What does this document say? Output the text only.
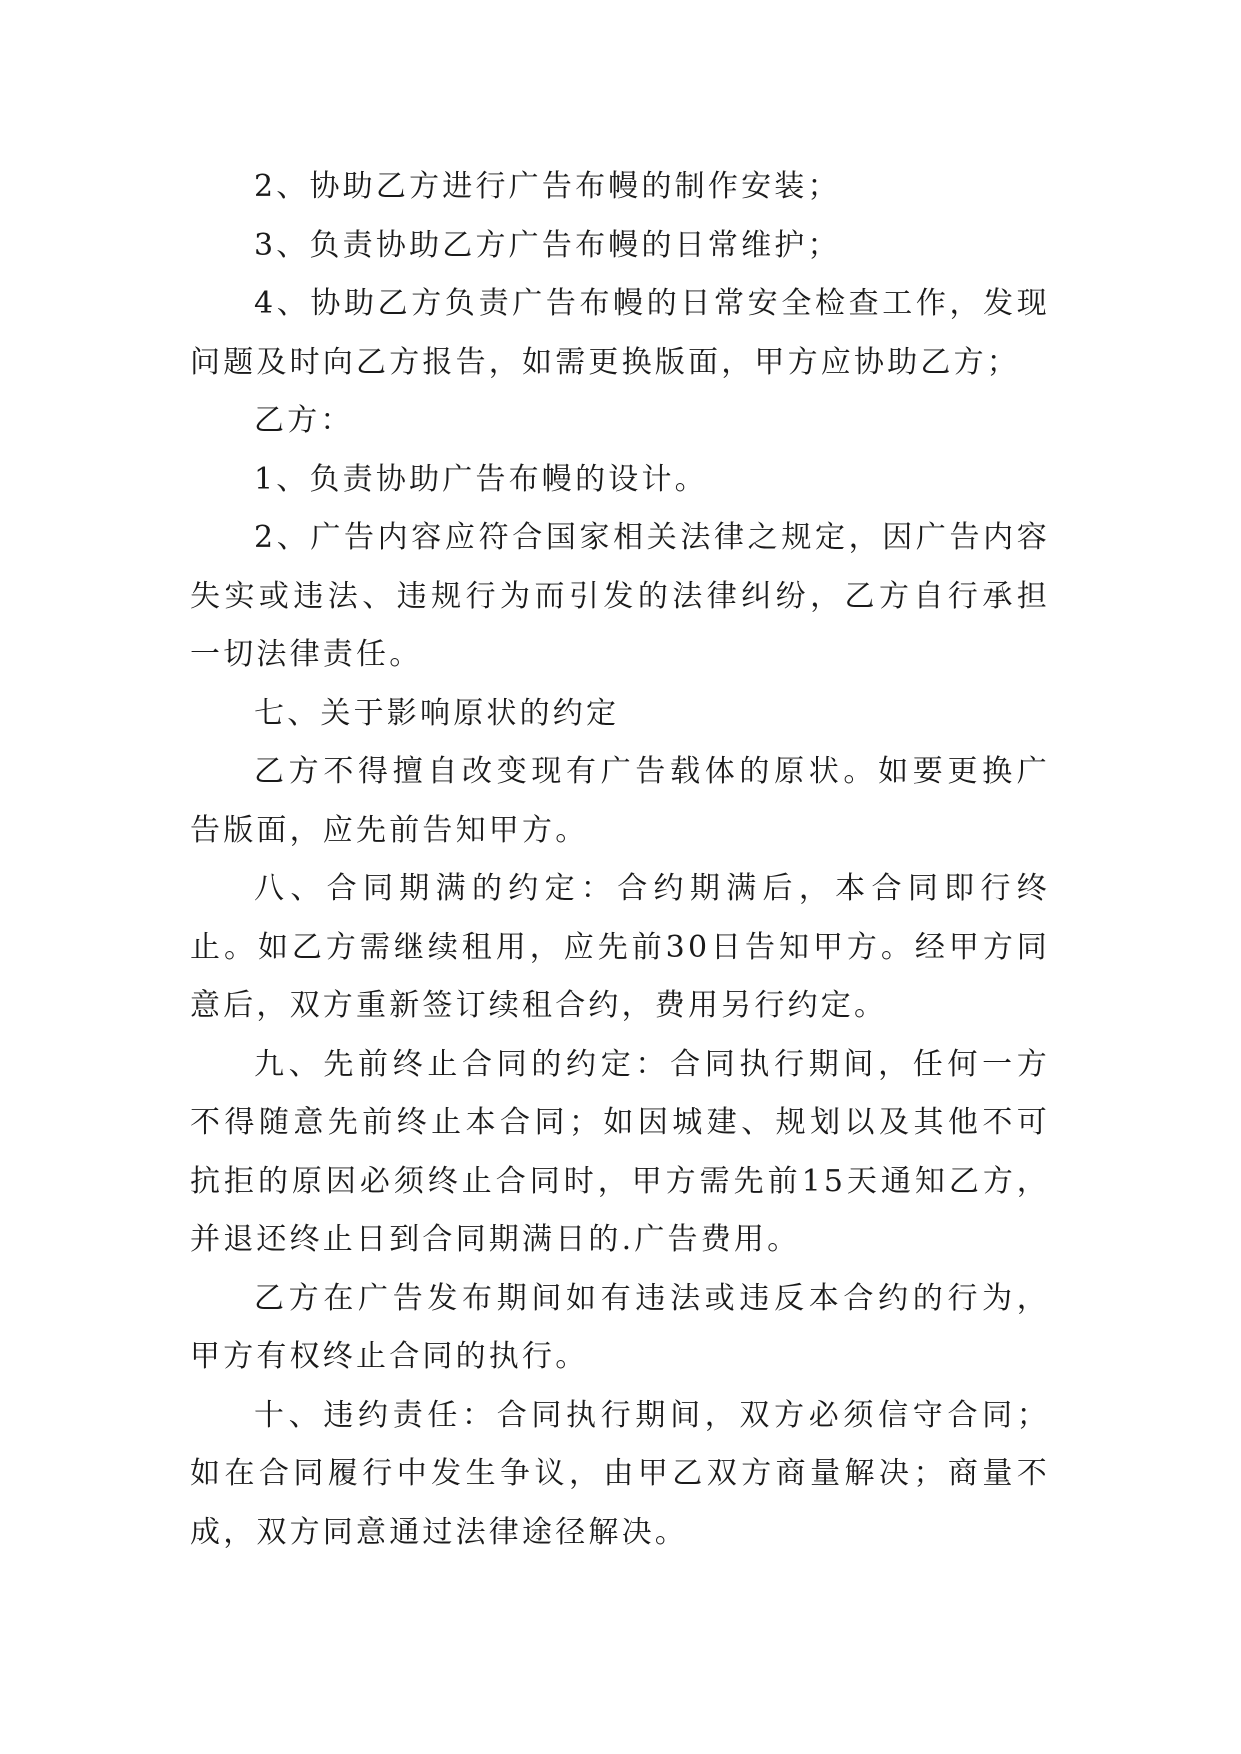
2、协助乙方进行广告布幔的制作安装；

3、负责协助乙方广告布幔的日常维护；

4、协助乙方负责广告布幔的日常安全检查工作，发现问题及时向乙方报告，如需更换版面，甲方应协助乙方；

乙方：

1、负责协助广告布幔的设计。

2、广告内容应符合国家相关法律之规定，因广告内容失实或违法、违规行为而引发的法律纠纷，乙方自行承担一切法律责任。

七、关于影响原状的约定

乙方不得擅自改变现有广告载体的原状。如要更换广告版面，应先前告知甲方。

八、合同期满的约定：合约期满后，本合同即行终止。如乙方需继续租用，应先前30日告知甲方。经甲方同意后，双方重新签订续租合约，费用另行约定。

九、先前终止合同的约定：合同执行期间，任何一方不得随意先前终止本合同；如因城建、规划以及其他不可抗拒的原因必须终止合同时，甲方需先前15天通知乙方，并退还终止日到合同期满日的.广告费用。

乙方在广告发布期间如有违法或违反本合约的行为，甲方有权终止合同的执行。

十、违约责任：合同执行期间，双方必须信守合同；如在合同履行中发生争议，由甲乙双方商量解决；商量不成，双方同意通过法律途径解决。
